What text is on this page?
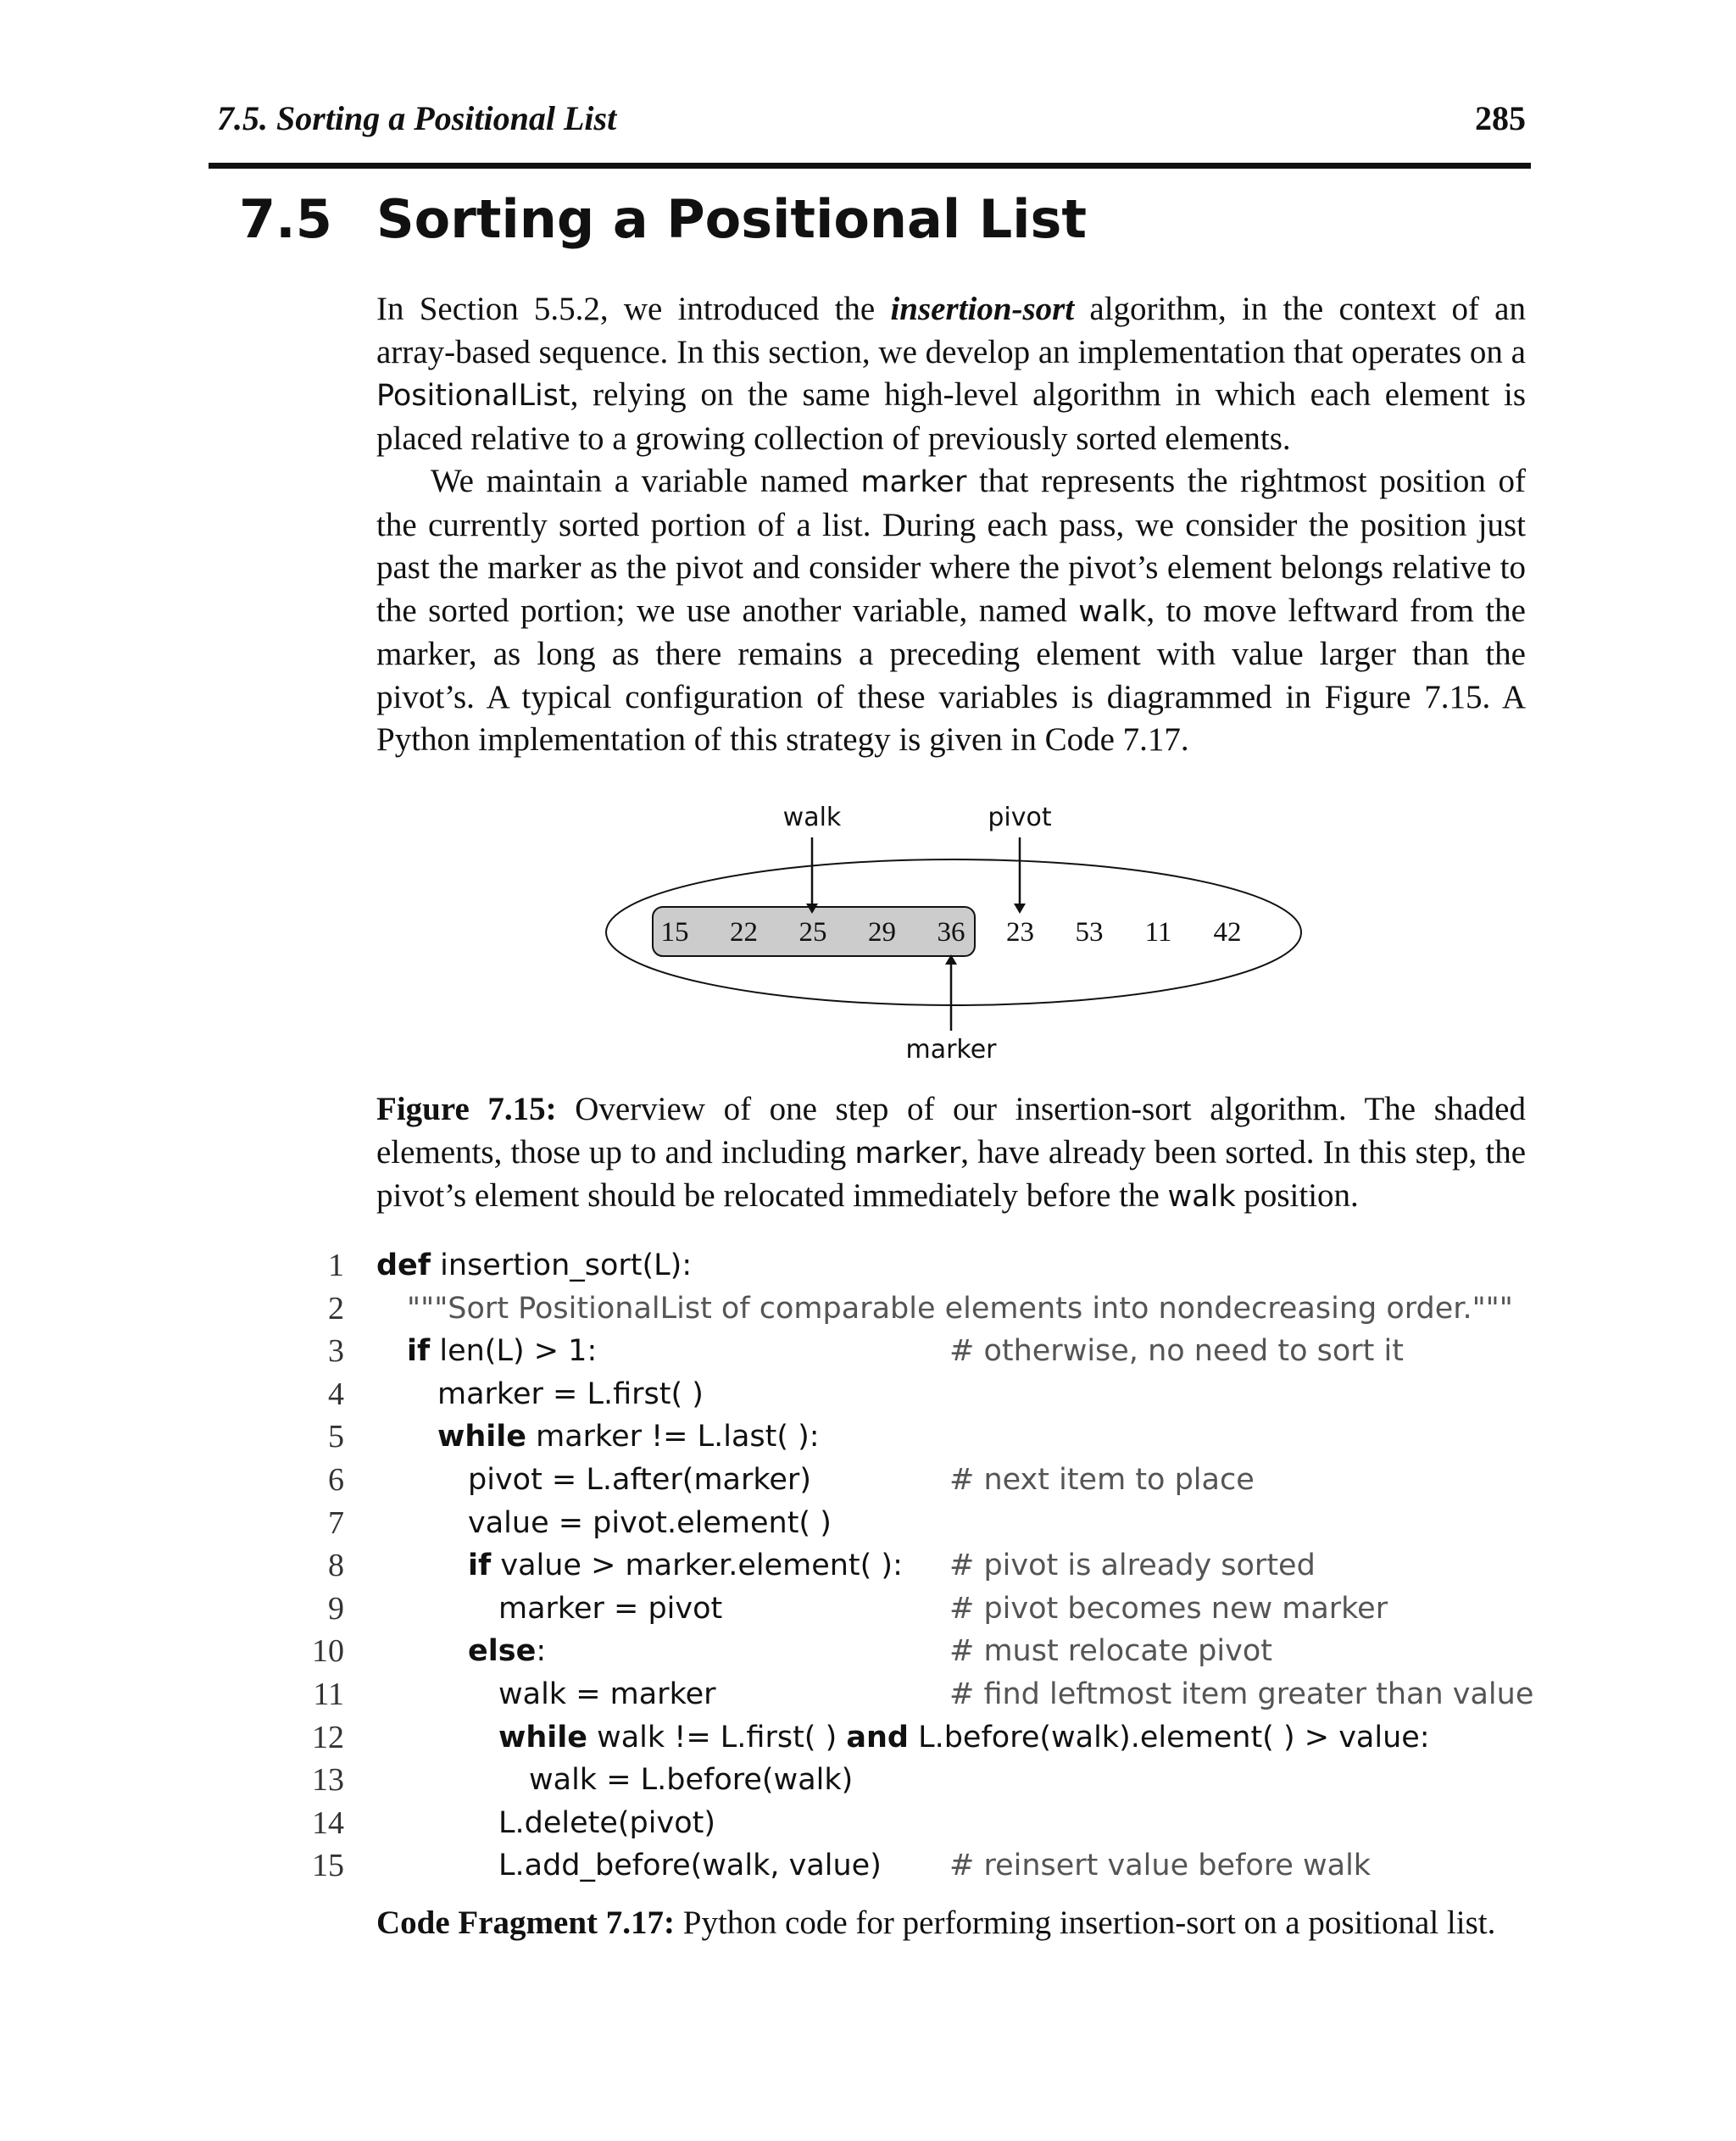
7.5. Sorting a Positional List	285
7.5 Sorting a Positional List

In Section 5.5.2, we introduced the insertion-sort algorithm, in the context of an array-based sequence. In this section, we develop an implementation that operates on a PositionalList, relying on the same high-level algorithm in which each element is placed relative to a growing collection of previously sorted elements.

We maintain a variable named marker that represents the rightmost position of the currently sorted portion of a list. During each pass, we consider the position just past the marker as the pivot and consider where the pivot’s element belongs relative to the sorted portion; we use another variable, named walk, to move leftward from the marker, as long as there remains a preceding element with value larger than the pivot’s. A typical configuration of these variables is diagrammed in Figure 7.15. A Python implementation of this strategy is given in Code 7.17.

15 22 25 29 36 23 53 11 42
walk	pivot
marker

Figure 7.15: Overview of one step of our insertion-sort algorithm. The shaded elements, those up to and including marker, have already been sorted. In this step, the pivot’s element should be relocated immediately before the walk position.

1 def insertion_sort(L):
2 """Sort PositionalList of comparable elements into nondecreasing order."""
3 if len(L) > 1:	# otherwise, no need to sort it
4	marker = L.first( )
5	while marker != L.last( ):
6	pivot = L.after(marker)	# next item to place
7	value = pivot.element( )
8	if value > marker.element( ): # pivot is already sorted
9	marker = pivot	# pivot becomes new marker
10	else:	# must relocate pivot
11	walk = marker	# find leftmost item greater than value
12	while walk != L.first( ) and L.before(walk).element( ) > value:
13	walk = L.before(walk)
14	L.delete(pivot)
15	L.add_before(walk, value) # reinsert value before walk
Code Fragment 7.17: Python code for performing insertion-sort on a positional list.
